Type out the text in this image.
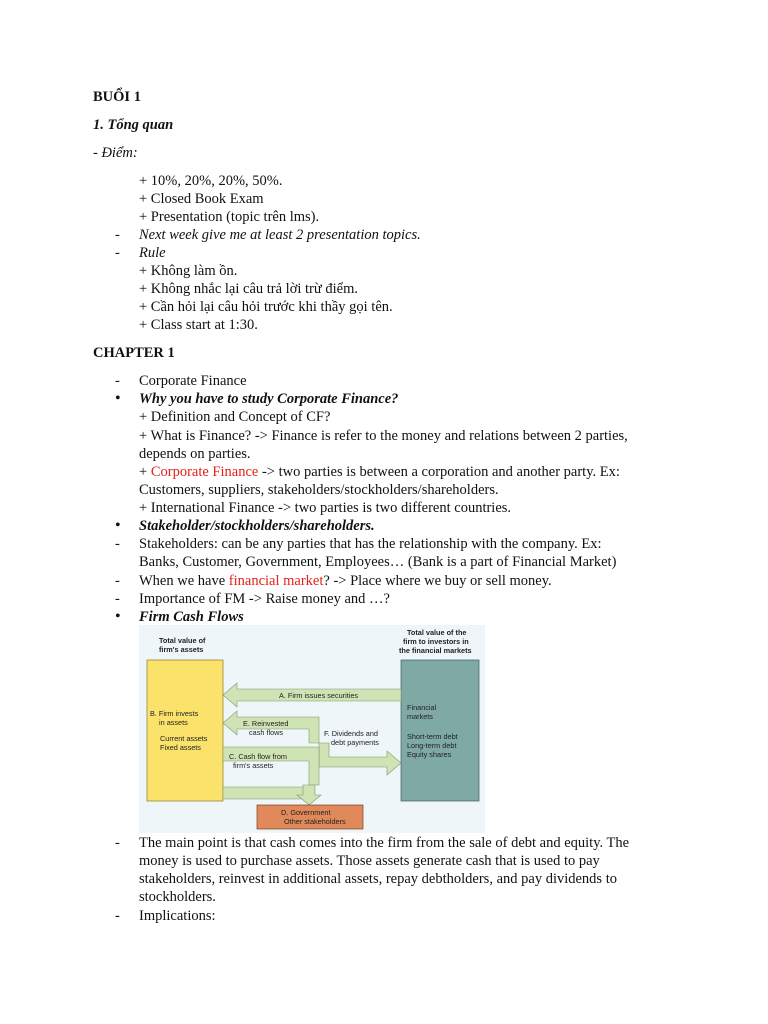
BUỔI 1
1. Tổng quan
- Điểm:
+ 10%, 20%, 20%, 50%.
+ Closed Book Exam
+ Presentation (topic trên lms).
- Next week give me at least 2 presentation topics.
- Rule
+ Không làm ồn.
+ Không nhắc lại câu trả lời trừ điểm.
+ Cần hỏi lại câu hỏi trước khi thầy gọi tên.
+ Class start at 1:30.
CHAPTER 1
- Corporate Finance
• Why you have to study Corporate Finance?
+ Definition and Concept of CF?
+ What is Finance? -> Finance is refer to the money and relations between 2 parties,
depends on parties.
+ Corporate Finance -> two parties is between a corporation and another party. Ex:
Customers, suppliers, stakeholders/stockholders/shareholders.
+ International Finance -> two parties is two different countries.
• Stakeholder/stockholders/shareholders.
- Stakeholders: can be any parties that has the relationship with the company. Ex:
Banks, Customer, Government, Employees… (Bank is a part of Financial Market)
- When we have financial market? -> Place where we buy or sell money.
- Importance of FM -> Raise money and …?
• Firm Cash Flows
Total value of
firm's assets
Total value of the
firm to investors in
the financial markets
B. Firm invests
in assets
Current assets
Fixed assets
Financial
markets
Short-term debt
Long-term debt
Equity shares
A. Firm issues securities
E. Reinvested
cash flows	F. Dividends and
debt payments
C. Cash flow from
firm's assets
D. Government
Other stakeholders
- The main point is that cash comes into the firm from the sale of debt and equity. The
money is used to purchase assets. Those assets generate cash that is used to pay
stakeholders, reinvest in additional assets, repay debtholders, and pay dividends to
stockholders.
- Implications:
